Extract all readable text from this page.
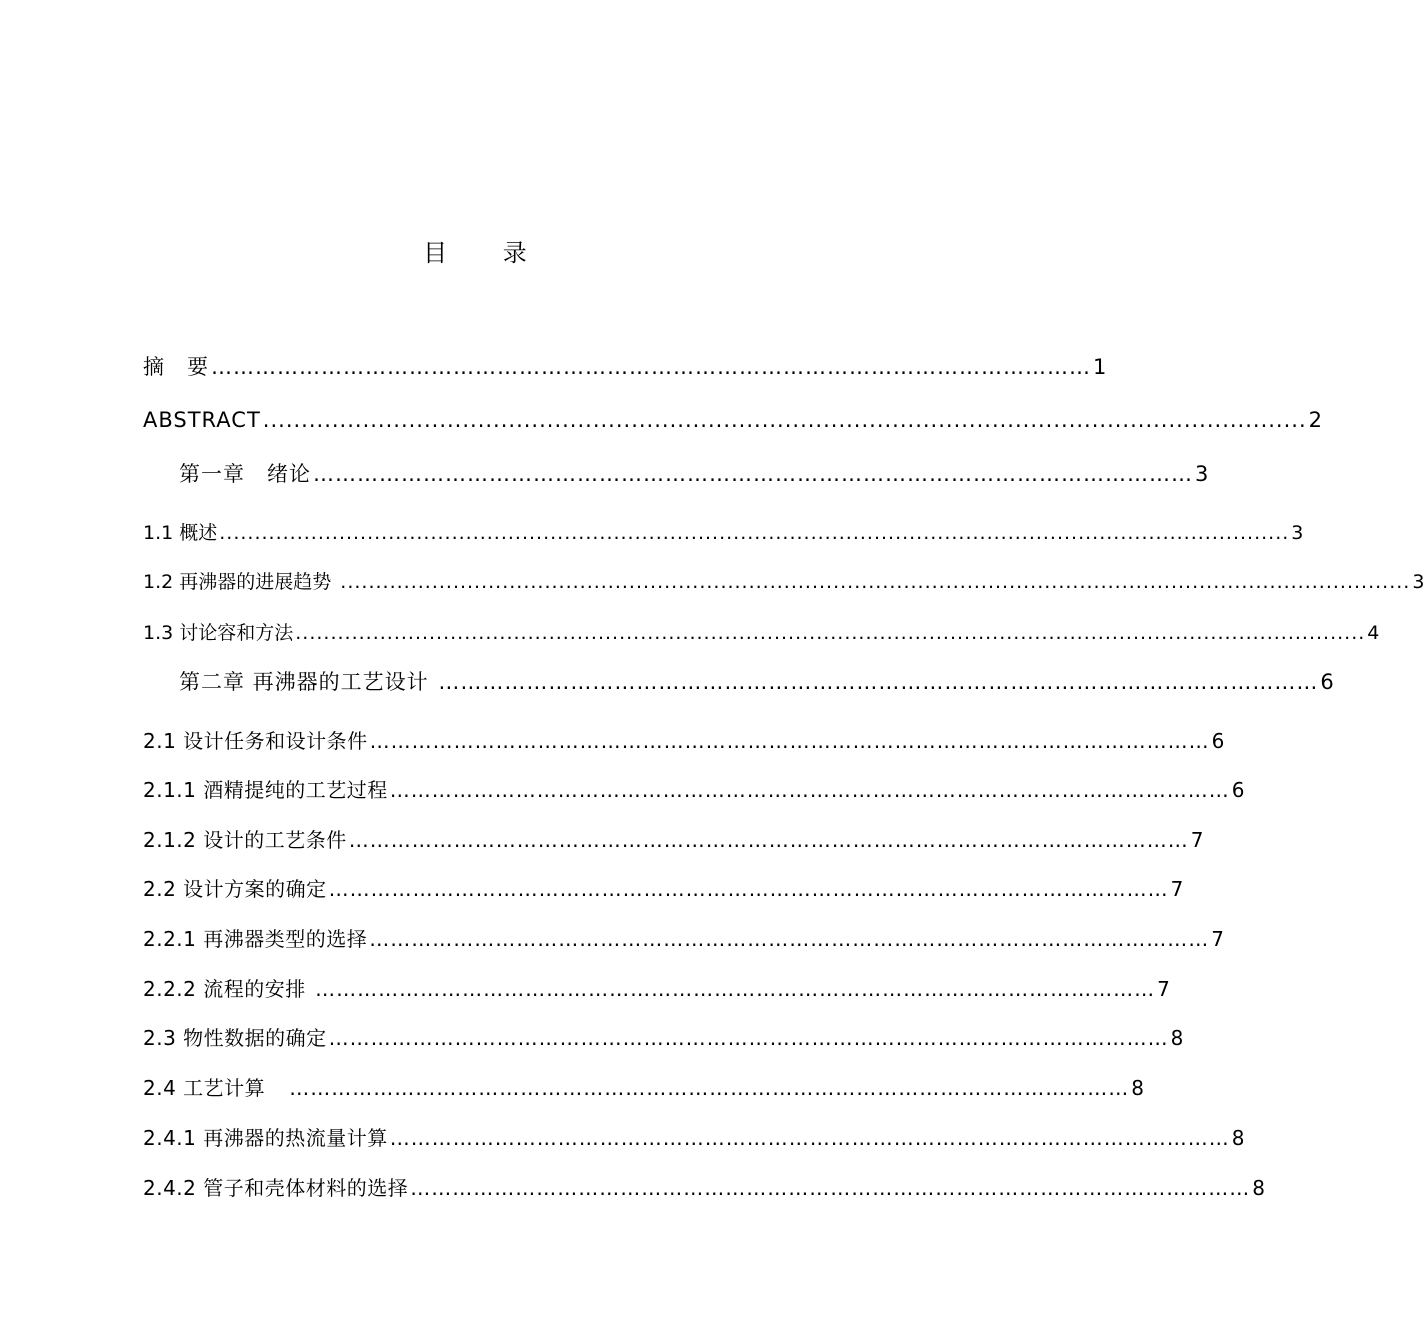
目 录
摘　要 ………………………………………………………………………………………………………… 1
ABSTRACT ........................................................................................................................................ 2
第一章　绪论 ………………………………………………………………………………………………………… 3
1.1 概述 ........................................................................................................................................................ 3
1.2 再沸器的进展趋势 ........................................................................................................................................................ 3
1.3 讨论容和方法 ........................................................................................................................................................ 4
第二章 再沸器的工艺设计 ………………………………………………………………………………………………………… 6
2.1 设计任务和设计条件 ………………………………………………………………………………………………………… 6
2.1.1 酒精提纯的工艺过程 ………………………………………………………………………………………………………… 6
2.1.2 设计的工艺条件 ………………………………………………………………………………………………………… 7
2.2 设计方案的确定 ………………………………………………………………………………………………………… 7
2.2.1 再沸器类型的选择 ………………………………………………………………………………………………………… 7
2.2.2 流程的安排 ………………………………………………………………………………………………………… 7
2.3 物性数据的确定 ………………………………………………………………………………………………………… 8
2.4 工艺计算 ………………………………………………………………………………………………………… 8
2.4.1 再沸器的热流量计算 ………………………………………………………………………………………………………… 8
2.4.2 管子和壳体材料的选择 ………………………………………………………………………………………………………… 8
